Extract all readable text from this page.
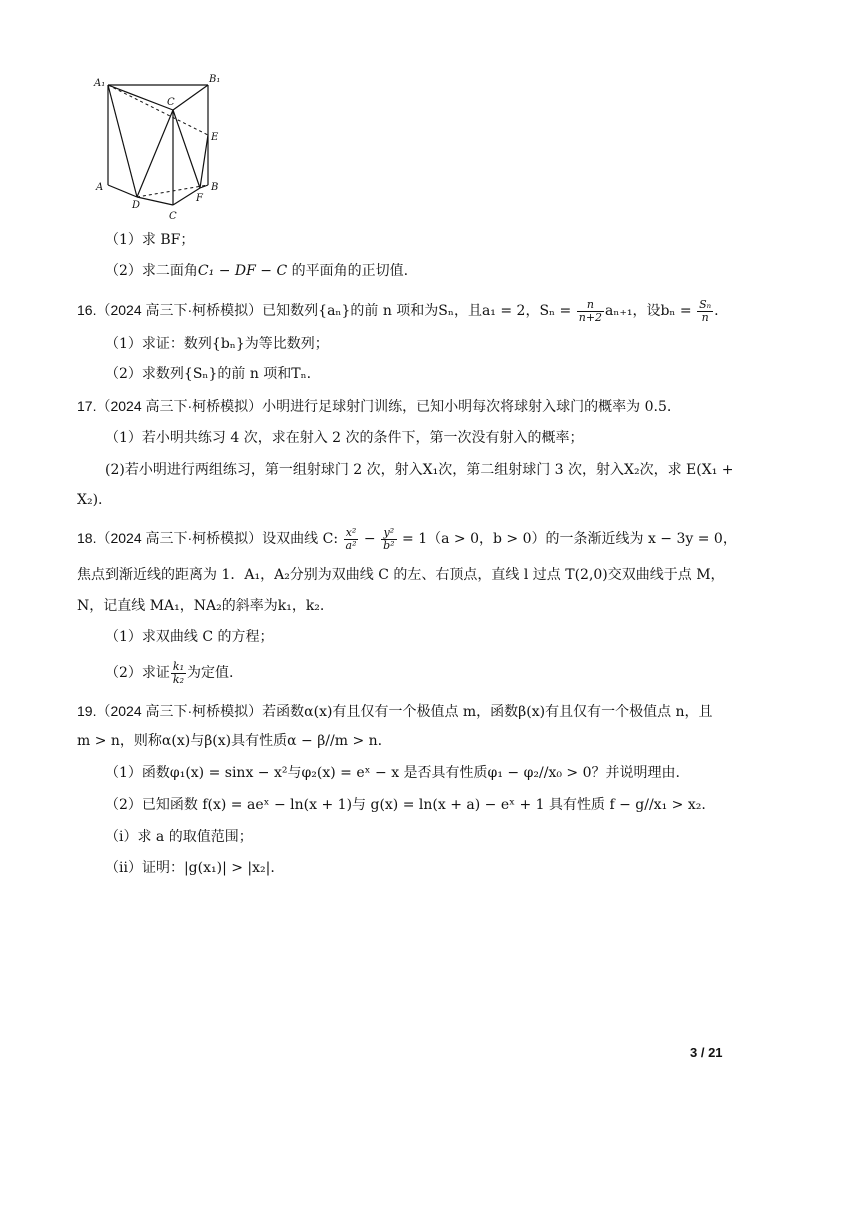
A₁	B₁
C
E
A	B
D
F
C
（1）求 BF；
（2）求二面角C₁ − DF − C 的平面角的正切值.
16.（2024 高三下·柯桥模拟）已知数列{aₙ}的前 n 项和为Sₙ，且a₁ = 2，$S_n = \frac{n}{n+2} a_{n+1}$，设$b_n = \frac{\text{Sₙ}}{n}$ .
（1）求证：数列{bₙ}为等比数列；
（2）求数列{Sₙ}的前 n 项和Tₙ.
17.（2024 高三下·柯桥模拟）小明进行足球射门训练，已知小明每次将球射入球门的概率为 0.5.
（1）若小明共练习 4 次，求在射入 2 次的条件下，第一次没有射入的概率；
(2)若小明进行两组练习，第一组射球门 2 次，射入X₁次，第二组射球门 3 次，射入X₂次，求 E(X₁ +
X₂).
18.（2024 高三下·柯桥模拟）设双曲线 C: $\frac{\text{x²}}{\text{a²}} - \frac{\text{y²}}{\text{b²}} = 1(a > 0$，b > 0）的一条渐近线为 x − 3y = 0，
焦点到渐近线的距离为 1．A₁，A₂分别为双曲线 C 的左、右顶点，直线 l 过点 T(2,0)交双曲线于点 M，
N，记直线 MA₁，NA₂的斜率为k₁，k₂.
（1）求双曲线 C 的方程；
（2）求证 $\frac{\text{k₁}}{\text{k₂}}$ 为定值.
19.（2024 高三下·柯桥模拟）若函数α(x)有且仅有一个极值点 m，函数β(x)有且仅有一个极值点 n，且
m > n，则称α(x)与β(x)具有性质α − β//m > n.
（1）函数φ₁(x) = sinx − x²与φ₂(x) = eˣ − x 是否具有性质φ₁ − φ₂//x₀ > 0？并说明理由.
（2）已知函数 f(x) = aeˣ − ln(x + 1)与 g(x) = ln(x + a) − eˣ + 1 具有性质 f − g//x₁ > x₂.
（i）求 a 的取值范围；
（ii）证明：|g(x₁)| > |x₂|.
3 / 21
